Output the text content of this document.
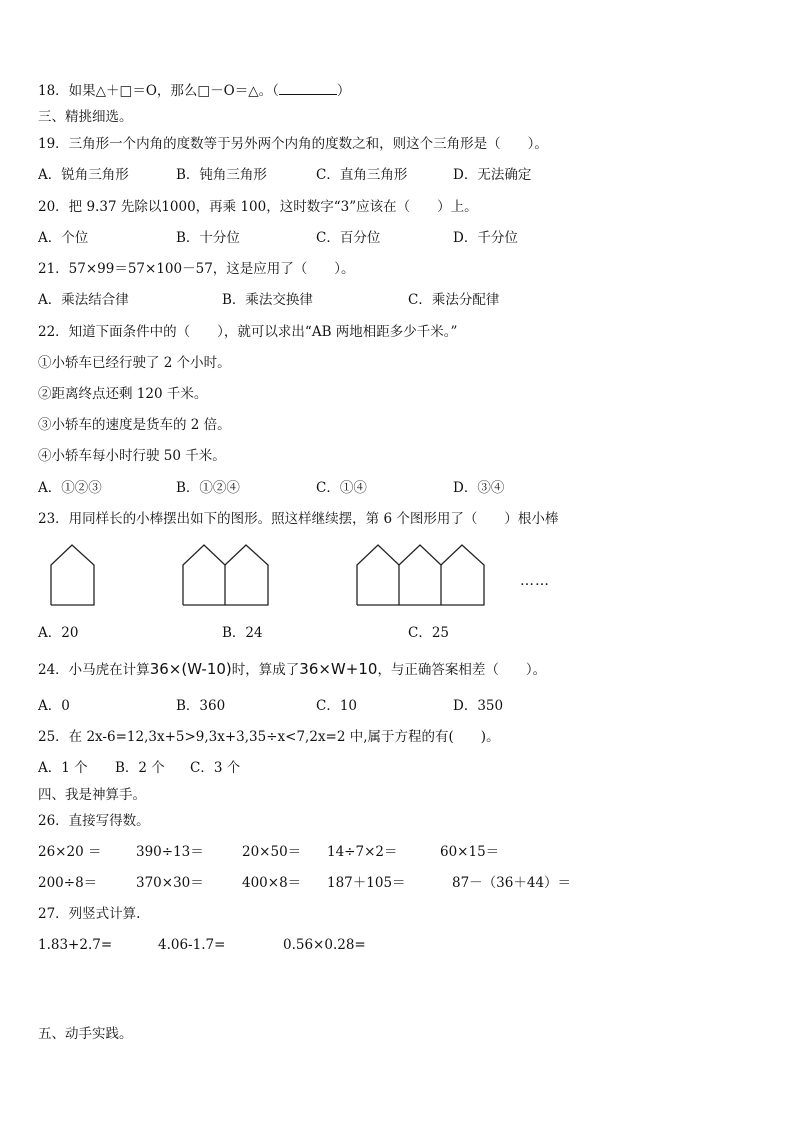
18．如果△＋□＝O，那么□－O＝△。（	）
三、精挑细选。
19．三角形一个内角的度数等于另外两个内角的度数之和，则这个三角形是（　　）。
A．锐角三角形	B．钝角三角形	C．直角三角形	D．无法确定
20．把 9.37 先除以1000，再乘 100，这时数字“3”应该在（　　）上。
A．个位	B．十分位	C．百分位	D．千分位
21．57×99＝57×100－57，这是应用了（　　）。
A．乘法结合律	B．乘法交换律	C．乘法分配律
22．知道下面条件中的（　　），就可以求出“AB 两地相距多少千米。”
①小轿车已经行驶了 2 个小时。
②距离终点还剩 120 千米。
③小轿车的速度是货车的 2 倍。
④小轿车每小时行驶 50 千米。
A．①②③	B．①②④	C．①④	D．③④
23．用同样长的小棒摆出如下的图形。照这样继续摆，第 6 个图形用了（　　）根小棒
……
A．20	B．24	C．25
24．小马虎在计算36×(W-10)时，算成了36×W+10，与正确答案相差（　　）。
A．0	B．360	C．10	D．350
25．在 2x-6=12,3x+5>9,3x+3,35÷x<7,2x=2 中,属于方程的有(　　)。
A．1 个 B．2 个 C．3 个
四、我是神算手。
26．直接写得数。
26×20 ＝	390÷13＝	20×50＝ 14÷7×2＝	60×15＝
200÷8＝	370×30＝	400×8＝ 187＋105＝	87－（36＋44）＝
27．列竖式计算.
1.83+2.7=	4.06-1.7=	0.56×0.28=
五、动手实践。
